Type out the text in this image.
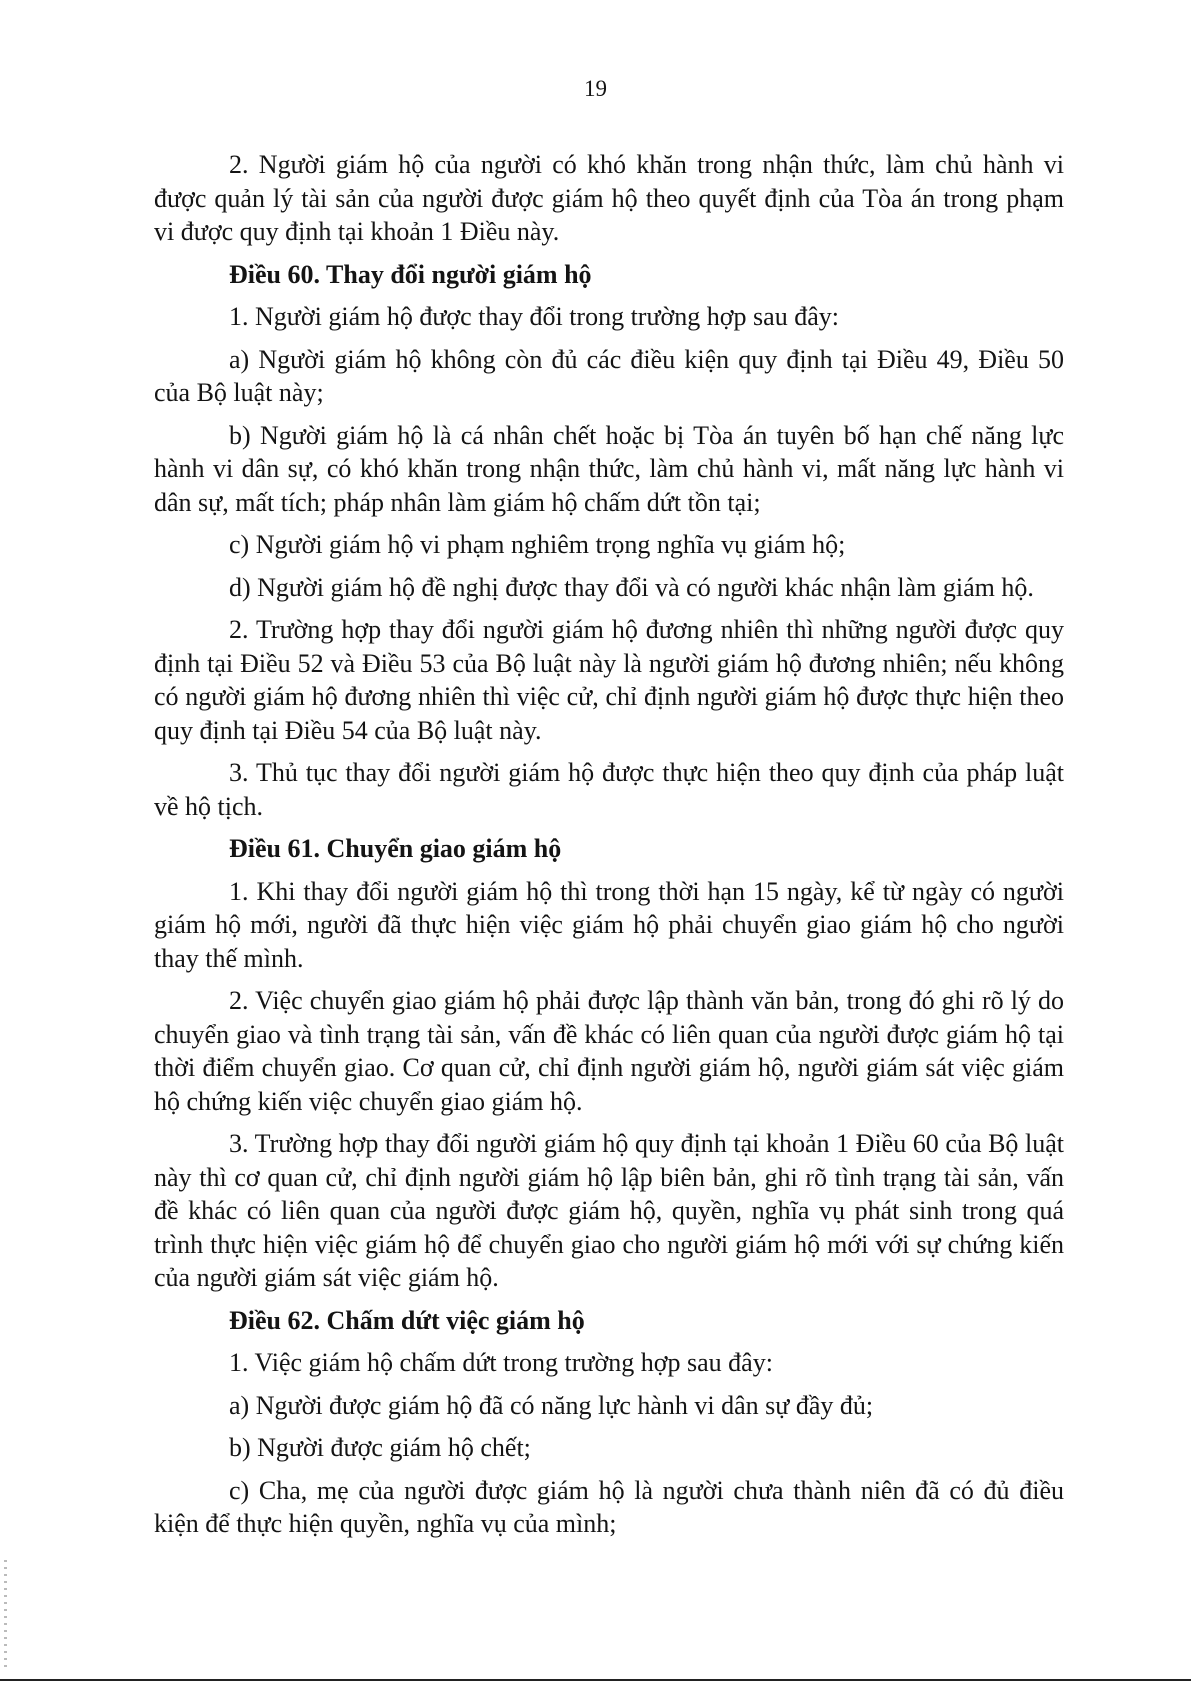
19

2. Người giám hộ của người có khó khăn trong nhận thức, làm chủ hành vi được quản lý tài sản của người được giám hộ theo quyết định của Tòa án trong phạm vi được quy định tại khoản 1 Điều này.

Điều 60. Thay đổi người giám hộ

1. Người giám hộ được thay đổi trong trường hợp sau đây:

a) Người giám hộ không còn đủ các điều kiện quy định tại Điều 49, Điều 50 của Bộ luật này;

b) Người giám hộ là cá nhân chết hoặc bị Tòa án tuyên bố hạn chế năng lực hành vi dân sự, có khó khăn trong nhận thức, làm chủ hành vi, mất năng lực hành vi dân sự, mất tích; pháp nhân làm giám hộ chấm dứt tồn tại;

c) Người giám hộ vi phạm nghiêm trọng nghĩa vụ giám hộ;

d) Người giám hộ đề nghị được thay đổi và có người khác nhận làm giám hộ.

2. Trường hợp thay đổi người giám hộ đương nhiên thì những người được quy định tại Điều 52 và Điều 53 của Bộ luật này là người giám hộ đương nhiên; nếu không có người giám hộ đương nhiên thì việc cử, chỉ định người giám hộ được thực hiện theo quy định tại Điều 54 của Bộ luật này.

3. Thủ tục thay đổi người giám hộ được thực hiện theo quy định của pháp luật về hộ tịch.

Điều 61. Chuyển giao giám hộ

1. Khi thay đổi người giám hộ thì trong thời hạn 15 ngày, kể từ ngày có người giám hộ mới, người đã thực hiện việc giám hộ phải chuyển giao giám hộ cho người thay thế mình.

2. Việc chuyển giao giám hộ phải được lập thành văn bản, trong đó ghi rõ lý do chuyển giao và tình trạng tài sản, vấn đề khác có liên quan của người được giám hộ tại thời điểm chuyển giao. Cơ quan cử, chỉ định người giám hộ, người giám sát việc giám hộ chứng kiến việc chuyển giao giám hộ.

3. Trường hợp thay đổi người giám hộ quy định tại khoản 1 Điều 60 của Bộ luật này thì cơ quan cử, chỉ định người giám hộ lập biên bản, ghi rõ tình trạng tài sản, vấn đề khác có liên quan của người được giám hộ, quyền, nghĩa vụ phát sinh trong quá trình thực hiện việc giám hộ để chuyển giao cho người giám hộ mới với sự chứng kiến của người giám sát việc giám hộ.

Điều 62. Chấm dứt việc giám hộ

1. Việc giám hộ chấm dứt trong trường hợp sau đây:

a) Người được giám hộ đã có năng lực hành vi dân sự đầy đủ;

b) Người được giám hộ chết;

c) Cha, mẹ của người được giám hộ là người chưa thành niên đã có đủ điều kiện để thực hiện quyền, nghĩa vụ của mình;
